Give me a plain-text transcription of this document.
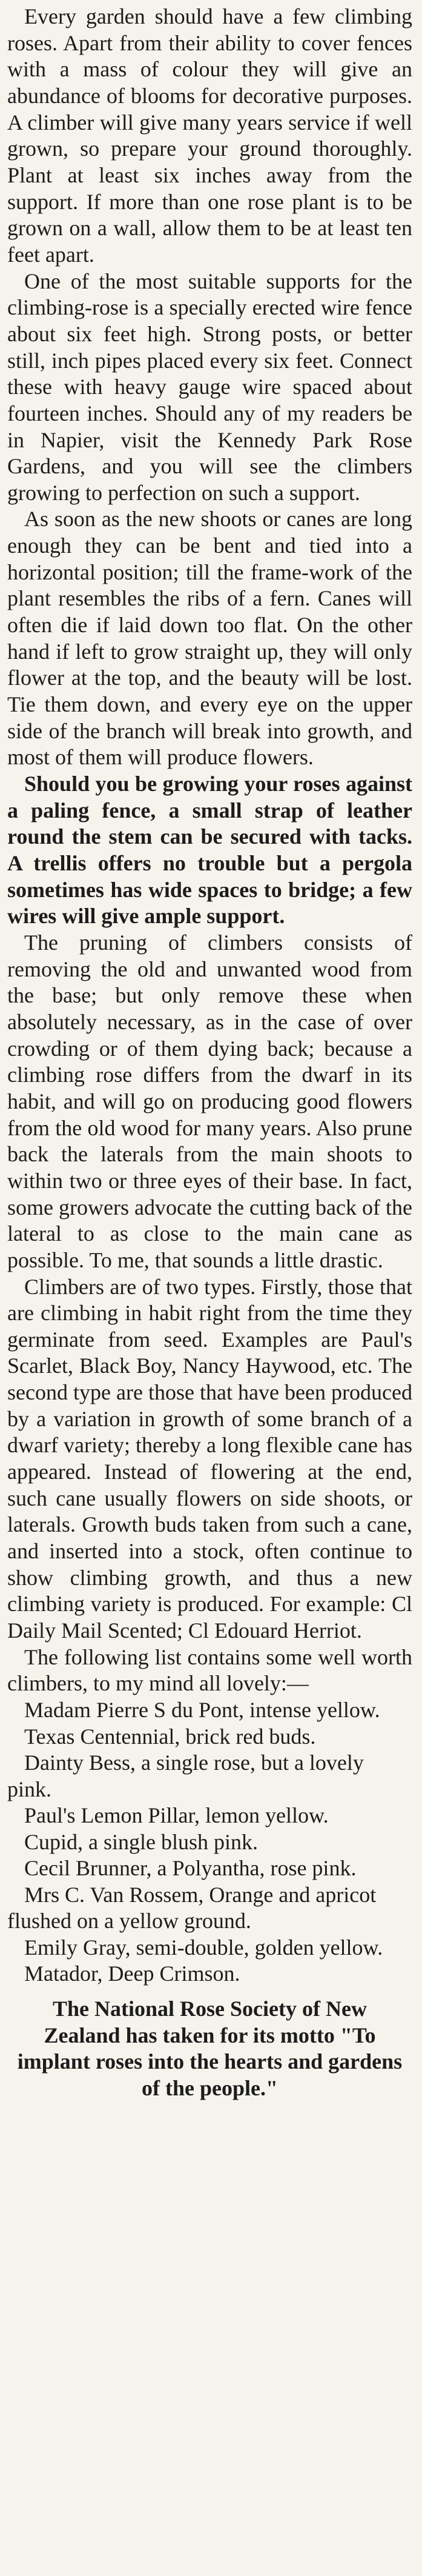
Every garden should have a few climbing roses. Apart from their ability to cover fences with a mass of colour they will give an abundance of blooms for decorative purposes. A climber will give many years service if well grown, so prepare your ground thoroughly. Plant at least six inches away from the support. If more than one rose plant is to be grown on a wall, allow them to be at least ten feet apart.

One of the most suitable supports for the climbing-rose is a specially erected wire fence about six feet high. Strong posts, or better still, inch pipes placed every six feet. Connect these with heavy gauge wire spaced about fourteen inches. Should any of my readers be in Napier, visit the Kennedy Park Rose Gardens, and you will see the climbers growing to perfection on such a support.

As soon as the new shoots or canes are long enough they can be bent and tied into a horizontal position; till the frame-work of the plant resembles the ribs of a fern. Canes will often die if laid down too flat. On the other hand if left to grow straight up, they will only flower at the top, and the beauty will be lost. Tie them down, and every eye on the upper side of the branch will break into growth, and most of them will produce flowers.

Should you be growing your roses against a paling fence, a small strap of leather round the stem can be secured with tacks. A trellis offers no trouble but a pergola sometimes has wide spaces to bridge; a few wires will give ample support.

The pruning of climbers consists of removing the old and unwanted wood from the base; but only remove these when absolutely necessary, as in the case of over crowding or of them dying back; because a climbing rose differs from the dwarf in its habit, and will go on producing good flowers from the old wood for many years. Also prune back the laterals from the main shoots to within two or three eyes of their base. In fact, some growers advocate the cutting back of the lateral to as close to the main cane as possible. To me, that sounds a little drastic.

Climbers are of two types. Firstly, those that are climbing in habit right from the time they germinate from seed. Examples are Paul's Scarlet, Black Boy, Nancy Haywood, etc. The second type are those that have been produced by a variation in growth of some branch of a dwarf variety; thereby a long flexible cane has appeared. Instead of flowering at the end, such cane usually flowers on side shoots, or laterals. Growth buds taken from such a cane, and inserted into a stock, often continue to show climbing growth, and thus a new climbing variety is produced. For example: Cl Daily Mail Scented; Cl Edouard Herriot.

The following list contains some well worth climbers, to my mind all lovely:—

Madam Pierre S du Pont, intense yellow.

Texas Centennial, brick red buds.

Dainty Bess, a single rose, but a lovely pink.

Paul's Lemon Pillar, lemon yellow.

Cupid, a single blush pink.

Cecil Brunner, a Polyantha, rose pink.

Mrs C. Van Rossem, Orange and apricot flushed on a yellow ground.

Emily Gray, semi-double, golden yellow.

Matador, Deep Crimson.

The National Rose Society of New Zealand has taken for its motto "To implant roses into the hearts and gardens of the people."
